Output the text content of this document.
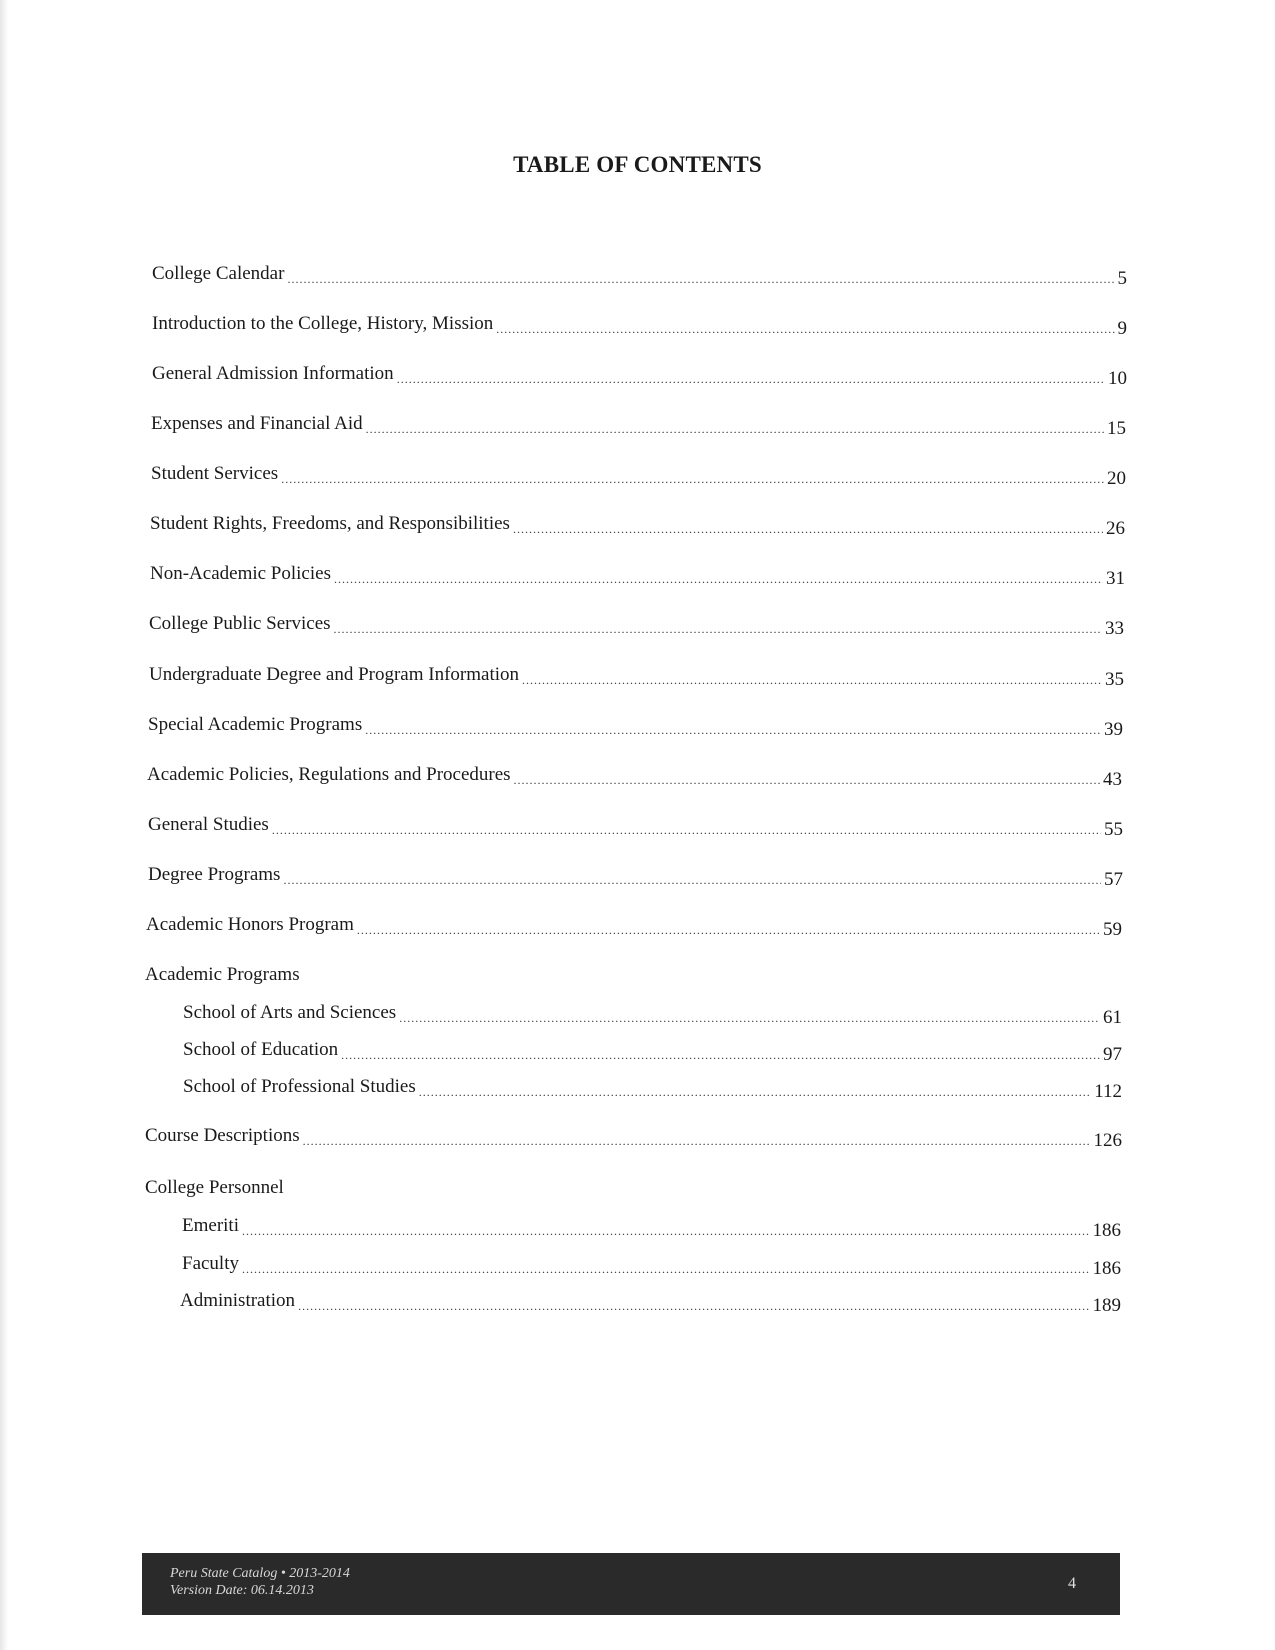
TABLE OF CONTENTS
College Calendar .....	5
Introduction to the College, History, Mission .....	9
General Admission Information .....	10
Expenses and Financial Aid .....	15
Student Services .....	20
Student Rights, Freedoms, and Responsibilities .....	26
Non-Academic Policies .....	31
College Public Services .....	33
Undergraduate Degree and Program Information .....	35
Special Academic Programs .....	39
Academic Policies, Regulations and Procedures .....	43
General Studies .....	55
Degree Programs .....	57
Academic Honors Program .....	59
Academic Programs
School of Arts and Sciences .....	61
School of Education .....	97
School of Professional Studies .....	112
Course Descriptions .....	126
College Personnel
Emeriti .....	186
Faculty .....	186
Administration .....	189
Peru State Catalog • 2013-2014
Version Date: 06.14.2013	4
